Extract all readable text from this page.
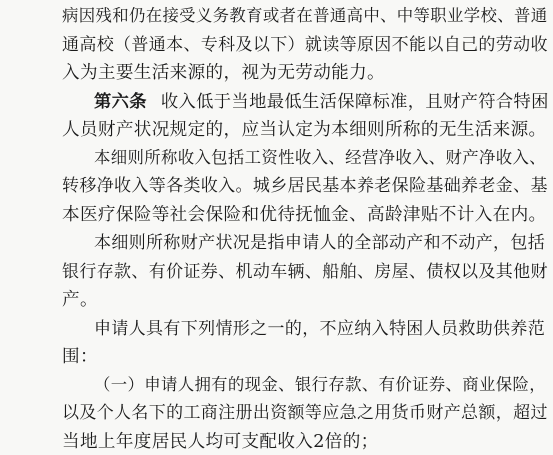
病因残和仍在接受义务教育或者在普通高中、中等职业学校、普通
通高校（普通本、专科及以下）就读等原因不能以自己的劳动收
入为主要生活来源的，视为无劳动能力。
第六条 收入低于当地最低生活保障标准，且财产符合特困
人员财产状况规定的，应当认定为本细则所称的无生活来源。
本细则所称收入包括工资性收入、经营净收入、财产净收入、
转移净收入等各类收入。城乡居民基本养老保险基础养老金、基
本医疗保险等社会保险和优待抚恤金、高龄津贴不计入在内。
本细则所称财产状况是指申请人的全部动产和不动产，包括
银行存款、有价证券、机动车辆、船舶、房屋、债权以及其他财
产。
申请人具有下列情形之一的，不应纳入特困人员救助供养范
围：
（一）申请人拥有的现金、银行存款、有价证券、商业保险，
以及个人名下的工商注册出资额等应急之用货币财产总额，超过
当地上年度居民人均可支配收入2倍的；
